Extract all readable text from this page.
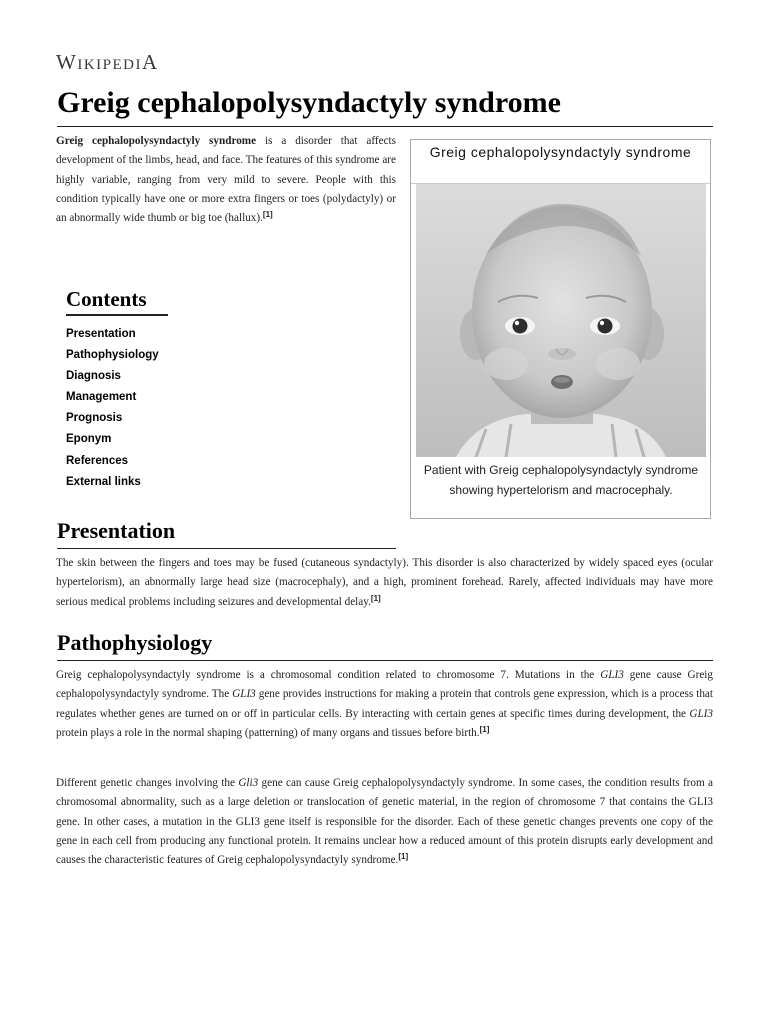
WikipediA
Greig cephalopolysyndactyly syndrome

Greig cephalopolysyndactyly syndrome is a disorder that affects development of the limbs, head, and face. The features of this syndrome are highly variable, ranging from very mild to severe. People with this condition typically have one or more extra fingers or toes (polydactyly) or an abnormally wide thumb or big toe (hallux).[1]

Greig cephalopolysyndactyly syndrome

Patient with Greig cephalopolysyndactyly syndrome showing hypertelorism and macrocephaly.

Contents
Presentation
Pathophysiology
Diagnosis
Management
Prognosis
Eponym
References
External links
Presentation

The skin between the fingers and toes may be fused (cutaneous syndactyly). This disorder is also characterized by widely spaced eyes (ocular hypertelorism), an abnormally large head size (macrocephaly), and a high, prominent forehead. Rarely, affected individuals may have more serious medical problems including seizures and developmental delay.[1]

Pathophysiology

Greig cephalopolysyndactyly syndrome is a chromosomal condition related to chromosome 7. Mutations in the GLI3 gene cause Greig cephalopolysyndactyly syndrome. The GLI3 gene provides instructions for making a protein that controls gene expression, which is a process that regulates whether genes are turned on or off in particular cells. By interacting with certain genes at specific times during development, the GLI3 protein plays a role in the normal shaping (patterning) of many organs and tissues before birth.[1]

Different genetic changes involving the Gli3 gene can cause Greig cephalopolysyndactyly syndrome. In some cases, the condition results from a chromosomal abnormality, such as a large deletion or translocation of genetic material, in the region of chromosome 7 that contains the GLI3 gene. In other cases, a mutation in the GLI3 gene itself is responsible for the disorder. Each of these genetic changes prevents one copy of the gene in each cell from producing any functional protein. It remains unclear how a reduced amount of this protein disrupts early development and causes the characteristic features of Greig cephalopolysyndactyly syndrome.[1]
